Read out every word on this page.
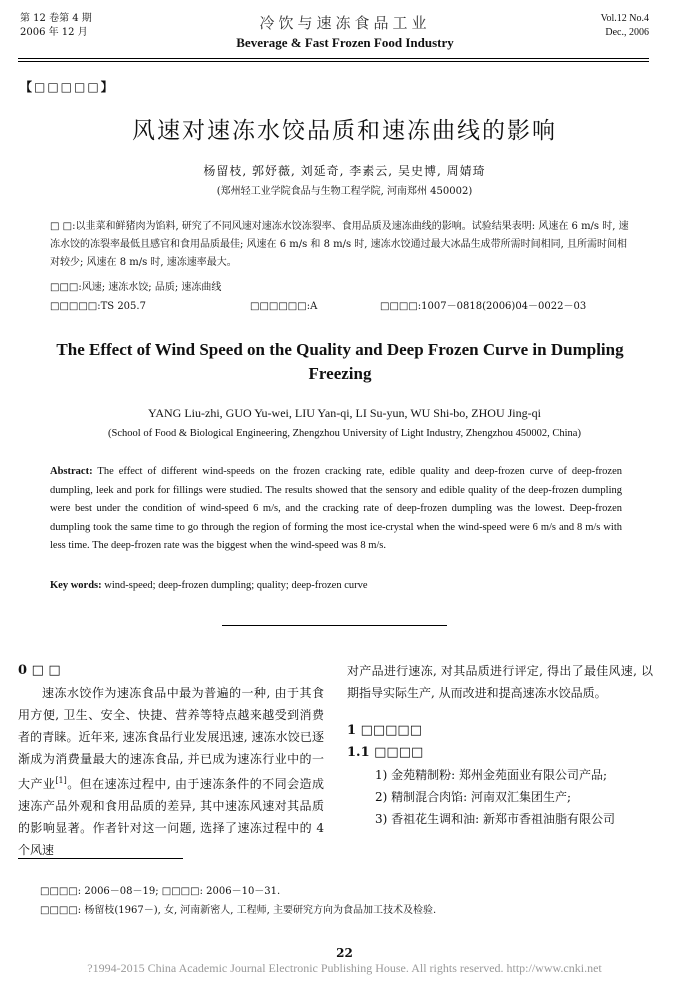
第 12 卷第 4 期
2006 年 12 月
冷饮与速冻食品工业
Beverage & Fast Frozen Food Industry
Vol.12 No.4
Dec., 2006
【□□□□□】
风速对速冻水饺品质和速冻曲线的影响
杨留枝, 郭妤薇, 刘延奇, 李素云, 吴史博, 周婧琦
(郑州轻工业学院食品与生物工程学院, 河南郑州 450002)
□ □:以韭菜和鲜猪肉为馅料, 研究了不同风速对速冻水饺冻裂率、食用品质及速冻曲线的影响。试验结果表明: 风速在 6 m/s 时, 速冻水饺的冻裂率最低且感官和食用品质最佳; 风速在 6 m/s 和 8 m/s 时, 速冻水饺通过最大冰晶生成带所需时间相同, 且所需时间相对较少; 风速在 8 m/s 时, 速冻速率最大。
□□□:风速; 速冻水饺; 品质; 速冻曲线
□□□□□:TS 205.7	□□□□□□:A	□□□□:1007－0818(2006)04－0022－03
The Effect of Wind Speed on the Quality and Deep Frozen Curve in Dumpling Freezing
YANG Liu-zhi, GUO Yu-wei, LIU Yan-qi, LI Su-yun, WU Shi-bo, ZHOU Jing-qi
(School of Food & Biological Engineering, Zhengzhou University of Light Industry, Zhengzhou 450002, China)
Abstract: The effect of different wind-speeds on the frozen cracking rate, edible quality and deep-frozen curve of deep-frozen dumpling, leek and pork for fillings were studied. The results showed that the sensory and edible quality of the deep-frozen dumpling were best under the condition of wind-speed 6 m/s, and the cracking rate of deep-frozen dumpling was the lowest. Deep-frozen dumpling took the same time to go through the region of forming the most ice-crystal when the wind-speed were 6 m/s and 8 m/s with less time. The deep-frozen rate was the biggest when the wind-speed was 8 m/s.
Key words: wind-speed; deep-frozen dumpling; quality; deep-frozen curve
0 □ □

速冻水饺作为速冻食品中最为普遍的一种, 由于其食用方便, 卫生、安全、快捷、营养等特点越来越受到消费者的青睐。近年来, 速冻食品行业发展迅速, 速冻水饺已逐渐成为消费量最大的速冻食品, 并已成为速冻行业中的一大产业[1]。但在速冻过程中, 由于速冻条件的不同会造成速冻产品外观和食用品质的差异, 其中速冻风速对其品质的影响显著。作者针对这一问题, 选择了速冻过程中的 4 个风速

对产品进行速冻, 对其品质进行评定, 得出了最佳风速, 以期指导实际生产, 从而改进和提高速冻水饺品质。
1 □□□□□
1.1 □□□□
1) 金苑精制粉: 郑州金苑面业有限公司产品;
2) 精制混合肉馅: 河南双汇集团生产;
3) 香祖花生调和油: 新郑市香祖油脂有限公司
□□□□: 2006－08－19; □□□□: 2006－10－31.
□□□□: 杨留枝(1967－), 女, 河南新密人, 工程师, 主要研究方向为食品加工技术及检验.
22
?1994-2015 China Academic Journal Electronic Publishing House. All rights reserved. http://www.cnki.net
